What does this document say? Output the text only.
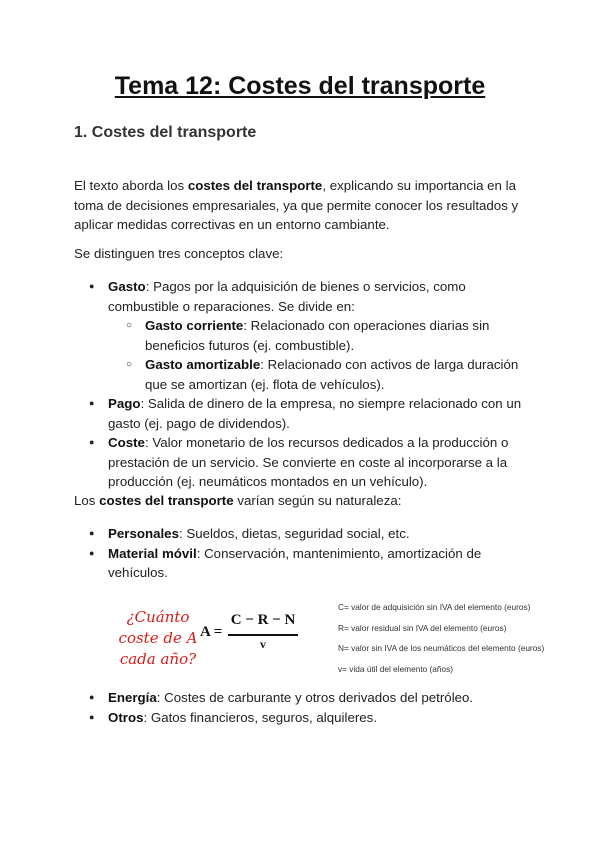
Tema 12: Costes del transporte
1. Costes del transporte

El texto aborda los costes del transporte, explicando su importancia en la toma de decisiones empresariales, ya que permite conocer los resultados y aplicar medidas correctivas en un entorno cambiante.

Se distinguen tres conceptos clave:

● Gasto: Pagos por la adquisición de bienes o servicios, como combustible o reparaciones. Se divide en:
○ Gasto corriente: Relacionado con operaciones diarias sin beneficios futuros (ej. combustible).
○ Gasto amortizable: Relacionado con activos de larga duración que se amortizan (ej. flota de vehículos).
● Pago: Salida de dinero de la empresa, no siempre relacionado con un gasto (ej. pago de dividendos).
● Coste: Valor monetario de los recursos dedicados a la producción o prestación de un servicio. Se convierte en coste al incorporarse a la producción (ej. neumáticos montados en un vehículo).

Los costes del transporte varían según su naturaleza:

● Personales: Sueldos, dietas, seguridad social, etc.
● Material móvil: Conservación, mantenimiento, amortización de vehículos.
¿Cuánto
coste de A
cada año?
A =
C − R − N
v
C= valor de adquisición sin IVA del elemento (euros)
R= valor residual sin IVA del elemento (euros)
N= valor sin IVA de los neumáticos del elemento (euros)
v= vida útil del elemento (años)
● Energía: Costes de carburante y otros derivados del petróleo.
● Otros: Gatos financieros, seguros, alquileres.
